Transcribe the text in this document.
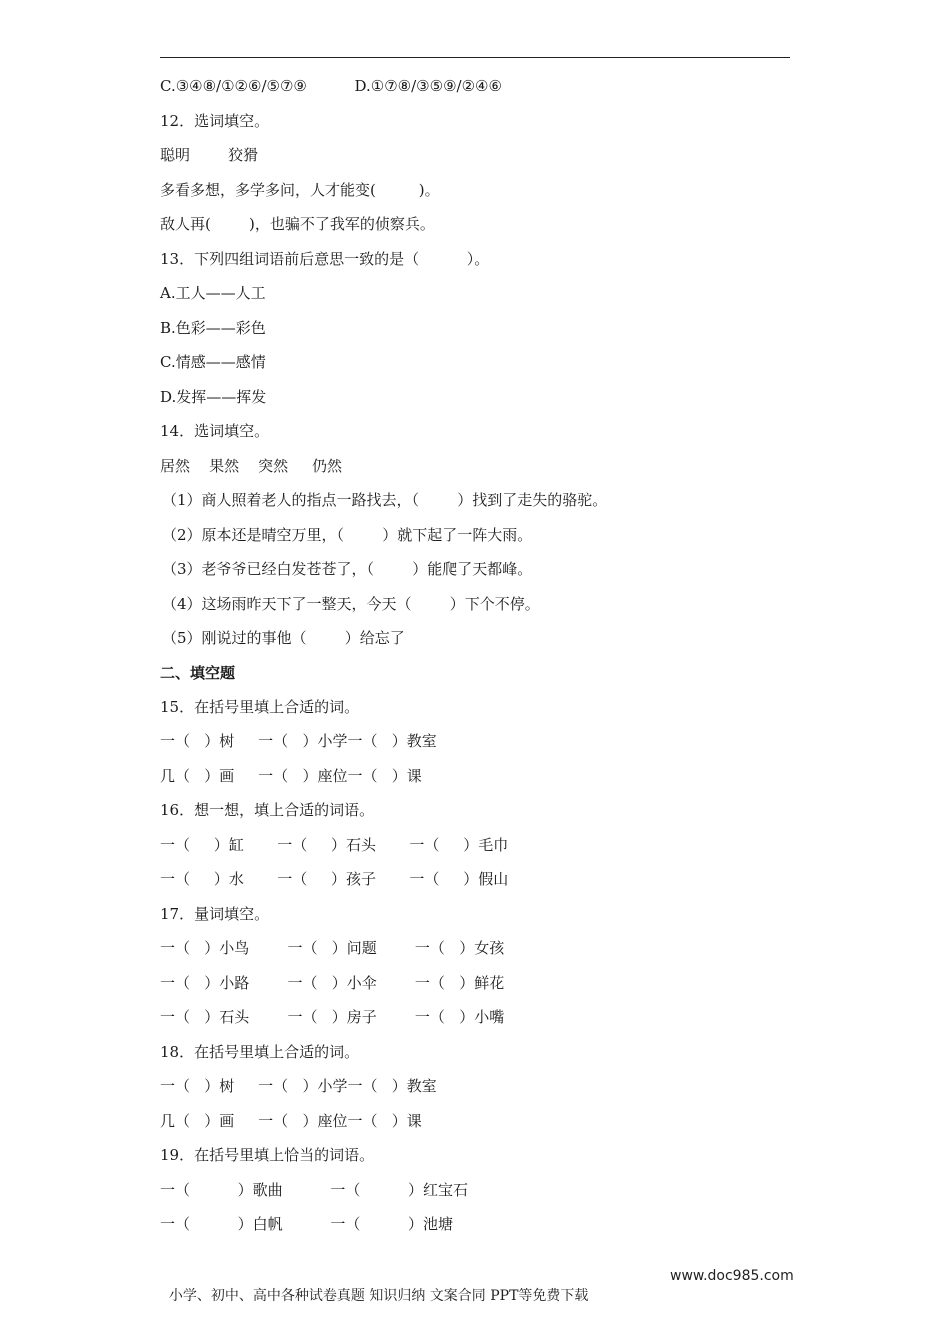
C.③④⑧/①②⑥/⑤⑦⑨          D.①⑦⑧/③⑤⑨/②④⑥
12．选词填空。
聪明        狡猾
多看多想，多学多问，人才能变(         )。
敌人再(        )，也骗不了我军的侦察兵。
13．下列四组词语前后意思一致的是（          ）。
A.工人——人工
B.色彩——彩色
C.情感——感情
D.发挥——挥发
14．选词填空。
居然    果然    突然     仍然
（1）商人照着老人的指点一路找去，（        ）找到了走失的骆驼。
（2）原本还是晴空万里，（        ）就下起了一阵大雨。
（3）老爷爷已经白发苍苍了，（        ）能爬了天都峰。
（4）这场雨昨天下了一整天，今天（        ）下个不停。
（5）刚说过的事他（        ）给忘了
二、填空题
15．在括号里填上合适的词。
一（   ）树     一（   ）小学一（   ）教室
几（   ）画     一（   ）座位一（   ）课
16．想一想，填上合适的词语。
一（     ）缸       一（     ）石头       一（     ）毛巾
一（     ）水       一（     ）孩子       一（     ）假山
17．量词填空。
一（   ）小鸟        一（   ）问题        一（   ）女孩
一（   ）小路        一（   ）小伞        一（   ）鲜花
一（   ）石头        一（   ）房子        一（   ）小嘴
18．在括号里填上合适的词。
一（   ）树     一（   ）小学一（   ）教室
几（   ）画     一（   ）座位一（   ）课
19．在括号里填上恰当的词语。
一（          ）歌曲          一（          ）红宝石
一（          ）白帆          一（          ）池塘

小学、初中、高中各种试卷真题 知识归纳 文案合同 PPT等免费下载

www.doc985.com
